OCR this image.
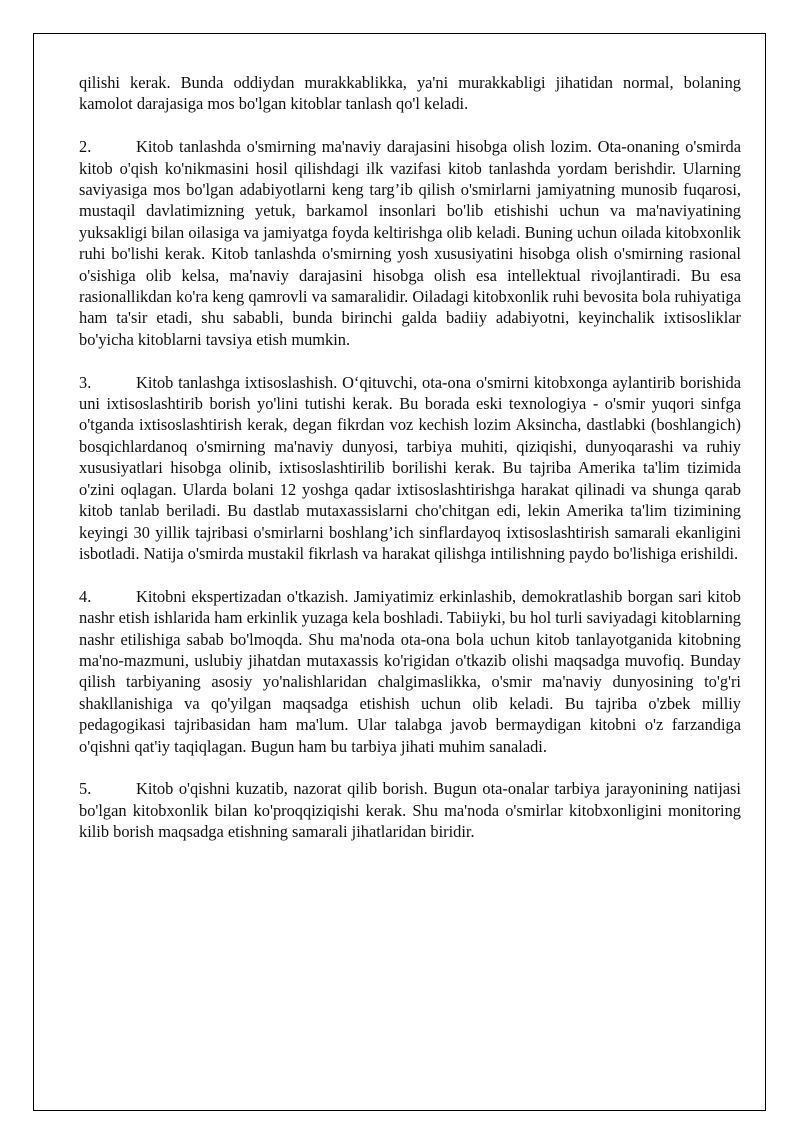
qilishi kerak. Bunda oddiydan murakkablikka, ya'ni murakkabligi jihatidan normal, bolaning kamolot darajasiga mos bo'lgan kitoblar tanlash qo'l keladi.

2.	Kitob tanlashda o'smirning ma'naviy darajasini hisobga olish lozim. Ota-onaning o'smirda kitob o'qish ko'nikmasini hosil qilishdagi ilk vazifasi kitob tanlashda yordam berishdir. Ularning saviyasiga mos bo'lgan adabiyotlarni keng targ’ib qilish o'smirlarni jamiyatning munosib fuqarosi, mustaqil davlatimizning yetuk, barkamol insonlari bo'lib etishishi uchun va ma'naviyatining yuksakligi bilan oilasiga va jamiyatga foyda keltirishga olib keladi. Buning uchun oilada kitobxonlik ruhi bo'lishi kerak. Kitob tanlashda o'smirning yosh xususiyatini hisobga olish o'smirning rasional o'sishiga olib kelsa, ma'naviy darajasini hisobga olish esa intellektual rivojlantiradi. Bu esa rasionallikdan ko'ra keng qamrovli va samaralidir. Oiladagi kitobxonlik ruhi bevosita bola ruhiyatiga ham ta'sir etadi, shu sababli, bunda birinchi galda badiiy adabiyotni, keyinchalik ixtisosliklar bo'yicha kitoblarni tavsiya etish mumkin.

3.	Kitob tanlashga ixtisoslashish. O‘qituvchi, ota-ona o'smirni kitobxonga aylantirib borishida uni ixtisoslashtirib borish yo'lini tutishi kerak. Bu borada eski texnologiya - o'smir yuqori sinfga o'tganda ixtisoslashtirish kerak, degan fikrdan voz kechish lozim Aksincha, dastlabki (boshlangich) bosqichlardanoq o'smirning ma'naviy dunyosi, tarbiya muhiti, qiziqishi, dunyoqarashi va ruhiy xususiyatlari hisobga olinib, ixtisoslashtirilib borilishi kerak. Bu tajriba Amerika ta'lim tizimida o'zini oqlagan. Ularda bolani 12 yoshga qadar ixtisoslashtirishga harakat qilinadi va shunga qarab kitob tanlab beriladi. Bu dastlab mutaxassislarni cho'chitgan edi, lekin Amerika ta'lim tizimining keyingi 30 yillik tajribasi o'smirlarni boshlang’ich sinflardayoq ixtisoslashtirish samarali ekanligini isbotladi. Natija o'smirda mustakil fikrlash va harakat qilishga intilishning paydo bo'lishiga erishildi.

4.	Kitobni ekspertizadan o'tkazish. Jamiyatimiz erkinlashib, demokratlashib borgan sari kitob nashr etish ishlarida ham erkinlik yuzaga kela boshladi. Tabiiyki, bu hol turli saviyadagi kitoblarning nashr etilishiga sabab bo'lmoqda. Shu ma'noda ota-ona bola uchun kitob tanlayotganida kitobning ma'no-mazmuni, uslubiy jihatdan mutaxassis ko'rigidan o'tkazib olishi maqsadga muvofiq. Bunday qilish tarbiyaning asosiy yo'nalishlaridan chalgimaslikka, o'smir ma'naviy dunyosining to'g'ri shakllanishiga va qo'yilgan maqsadga etishish uchun olib keladi. Bu tajriba o'zbek milliy pedagogikasi tajribasidan ham ma'lum. Ular talabga javob bermaydigan kitobni o'z farzandiga o'qishni qat'iy taqiqlagan. Bugun ham bu tarbiya jihati muhim sanaladi.

5.	Kitob o'qishni kuzatib, nazorat qilib borish. Bugun ota-onalar tarbiya jarayonining natijasi bo'lgan kitobxonlik bilan ko'proqqiziqishi kerak. Shu ma'noda o'smirlar kitobxonligini monitoring kilib borish maqsadga etishning samarali jihatlaridan biridir.
